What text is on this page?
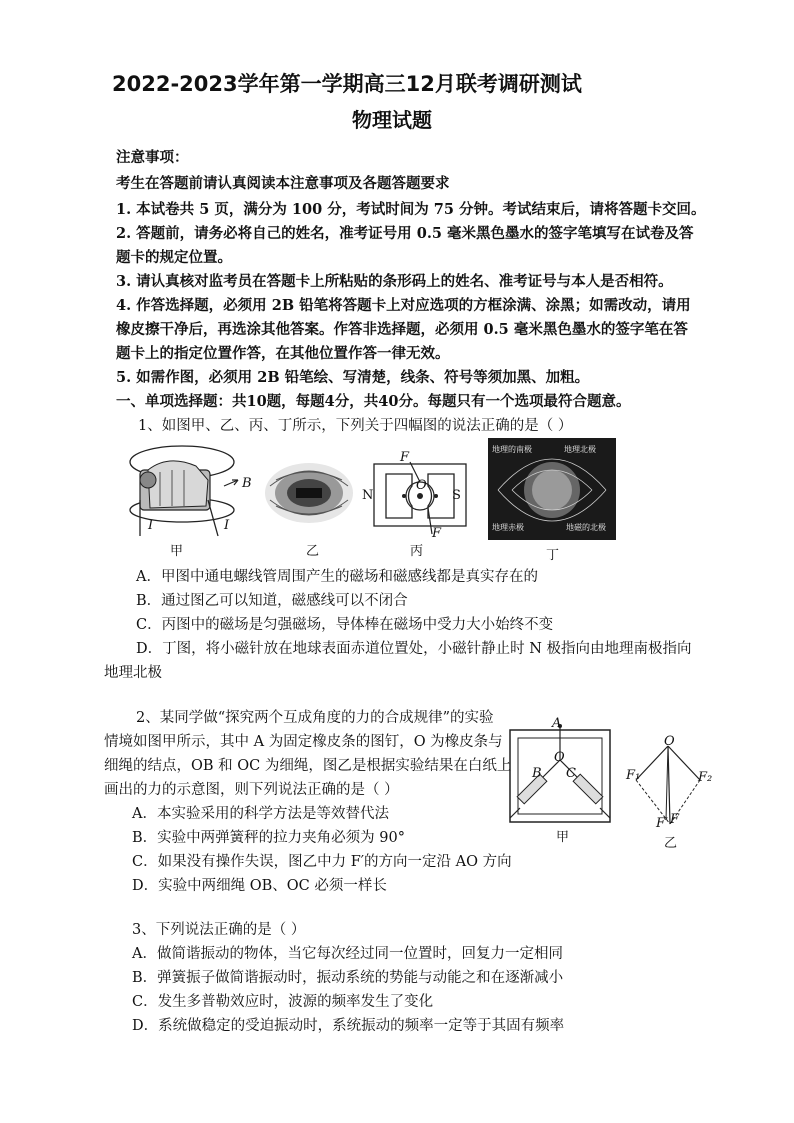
2022-2023学年第一学期高三12月联考调研测试
物理试题
注意事项：
考生在答题前请认真阅读本注意事项及各题答题要求
1. 本试卷共 5 页，满分为 100 分，考试时间为 75 分钟。考试结束后，请将答题卡交回。
2. 答题前，请务必将自己的姓名，准考证号用 0.5 毫米黑色墨水的签字笔填写在试卷及答
题卡的规定位置。
3. 请认真核对监考员在答题卡上所粘贴的条形码上的姓名、准考证号与本人是否相符。
4. 作答选择题，必须用 2B 铅笔将答题卡上对应选项的方框涂满、涂黑；如需改动，请用
橡皮擦干净后，再选涂其他答案。作答非选择题，必须用 0.5 毫米黑色墨水的签字笔在答
题卡上的指定位置作答，在其他位置作答一律无效。
5. 如需作图，必须用 2B 铅笔绘、写清楚，线条、符号等须加黑、加粗。
一、单项选择题：共10题，每题4分，共40分。每题只有一个选项最符合题意。
1、如图甲、乙、丙、丁所示，下列关于四幅图的说法正确的是（ ）
B
I	I
甲	乙
F
F
N	S
O
丙
地理的南极	地理北极
地理赤极	地磁的北极
丁
A．甲图中通电螺线管周围产生的磁场和磁感线都是真实存在的
B．通过图乙可以知道，磁感线可以不闭合
C．丙图中的磁场是匀强磁场，导体棒在磁场中受力大小始终不变
D．丁图，将小磁针放在地球表面赤道位置处，小磁针静止时 N 极指向由地理南极指向
地理北极
2、某同学做“探究两个互成角度的力的合成规律”的实验
情境如图甲所示，其中 A 为固定橡皮条的图钉，O 为橡皮条与
细绳的结点，OB 和 OC 为细绳，图乙是根据实验结果在白纸上
画出的力的示意图，则下列说法正确的是（ ）
A．本实验采用的科学方法是等效替代法
B．实验中两弹簧秤的拉力夹角必须为 90°
C．如果没有操作失误，图乙中力 F′的方向一定沿 AO 方向
D．实验中两细绳 OB、OC 必须一样长
A
O
B C
甲
O
F₁	F₂
F′ F
乙
3、下列说法正确的是（ ）
A．做简谐振动的物体，当它每次经过同一位置时，回复力一定相同
B．弹簧振子做简谐振动时，振动系统的势能与动能之和在逐渐减小
C．发生多普勒效应时，波源的频率发生了变化
D．系统做稳定的受迫振动时，系统振动的频率一定等于其固有频率
